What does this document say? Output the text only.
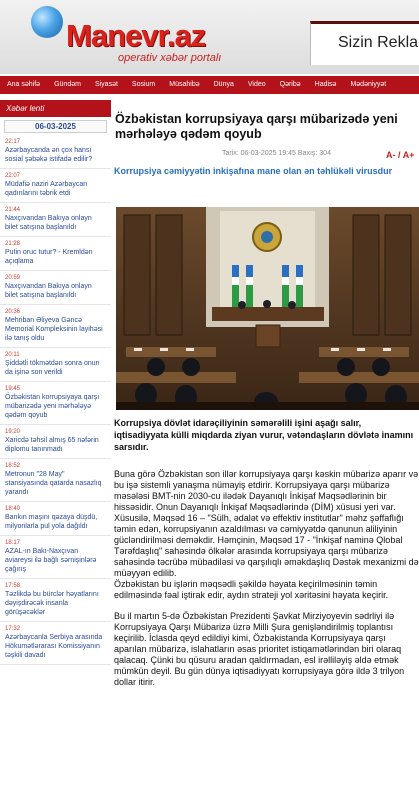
Manevr.az
operativ xəbər portalı
Sizin Rekla
Ana səhifə	Gündəm	Siyasət	Sosium	Müsahibə	Dünya	Video	Qəribə	Hadisə	Mədəniyyət
Xəbər lenti
06-03-2025
22:17
Azərbaycanda ən çox hansı sosial şəbəkə istifadə edilir?
22:07
Müdafiə naziri Azərbaycan qadınlarını təbrik etdi
21:44
Naxçıvandan Bakıya onlayn bilet satışına başlanıldı
21:28
Putin oruc tutur? - Kremldən açıqlama
20:59
Naxçıvandan Bakıya onlayn bilet satışına başlanıldı
20:36
Mehriban Əliyeva Gəncə Memorial Kompleksinin layihəsi ilə tanış oldu
20:11
Şiddətli tökmətdən sonra onun da işinə son verildi
19:45
Özbəkistan korrupsiyaya qarşı mübarizədə yeni mərhələyə qədəm qoyub
19:20
Xaricdə təhsil almış 65 nəfərin diplomu tanınmadı
18:52
Metronun "28 May" stansiyasında qatarda nasazlıq yarandı
18:40
Bankın maşını qəzaya düşdü, milyonlarla pul yola dağıldı
18:17
AZAL-ın Bakı-Naxçıvan aviareysi ilə bağlı sərnişinlərə çağırış
17:58
Təzlikdə bu bürclər həyatlarını dəyişdirəcək insanla görüşəcəklər
17:32
Azərbaycanla Serbiya arasında Hökumətlərarası Komissiyanın təşkili davadı
Özbəkistan korrupsiyaya qarşı mübarizədə yeni mərhələyə qədəm qoyub
Tarix: 06-03-2025 19:45 Baxış: 304	A- / A+
Korrupsiya cəmiyyətin inkişafına mane olan ən təhlükəli virusdur
Korrupsiya dövlət idarəçiliyinin səmərəlili işini aşağı salır, iqtisadiyyata külli miqdarda ziyan vurur, vətəndaşların dövlətə inamını sarsıdır.

Buna görə Özbəkistan son illər korrupsiyaya qarşı kəskin mübarizə aparır və bu işə sistemli yanaşma nümayiş etdirir. Korrupsiyaya qarşı mübarizə məsələsi BMT-nin 2030-cu ilədək Dayanıqlı İnkişaf Məqsədlərinin bir hissəsidir. Onun Dayanıqlı İnkişaf Məqsədlərində (DİM) xüsusi yeri var. Xüsusilə, Məqsəd 16 – "Sülh, ədalət və effektiv institutlar" məhz şəffaflığı təmin edən, korrupsiyanın azaldılması və cəmiyyətdə qanunun aliliyinin gücləndirilməsi deməkdir. Həmçinin, Məqsəd 17 - "İnkişaf naminə Qlobal Tərəfdaşlıq" sahəsində ölkələr arasında korrupsiyaya qarşı mübarizə sahəsində təcrübə mübadiləsi və qarşılıqlı əməkdaşlıq Dəstək mexanizmi də müəyyən edilib.
Özbəkistan bu işlərin məqsədli şəkildə həyata keçirilməsinin təmin edilməsində fəal iştirak edir, aydın strateji yol xəritəsini həyata keçirir.

Bu il martın 5-də Özbəkistan Prezidenti Şavkat Mirziyoyevin sədrliyi ilə Korrupsiyaya Qarşı Mübarizə üzrə Milli Şura genişləndirilmiş toplantısı keçirilib. İclasda qeyd edildiyi kimi, Özbəkistanda Korrupsiyaya qarşı aparılan mübarizə, islahatların əsas prioritet istiqamətlərindən biri olaraq qalacaq. Çünki bu qüsuru aradan qaldırmadan, esl irəlliləyiş əldə etmək mümkün deyil. Bu gün dünya iqtisadiyyatı korrupsiyaya görə ildə 3 trilyon dollar itirir.
